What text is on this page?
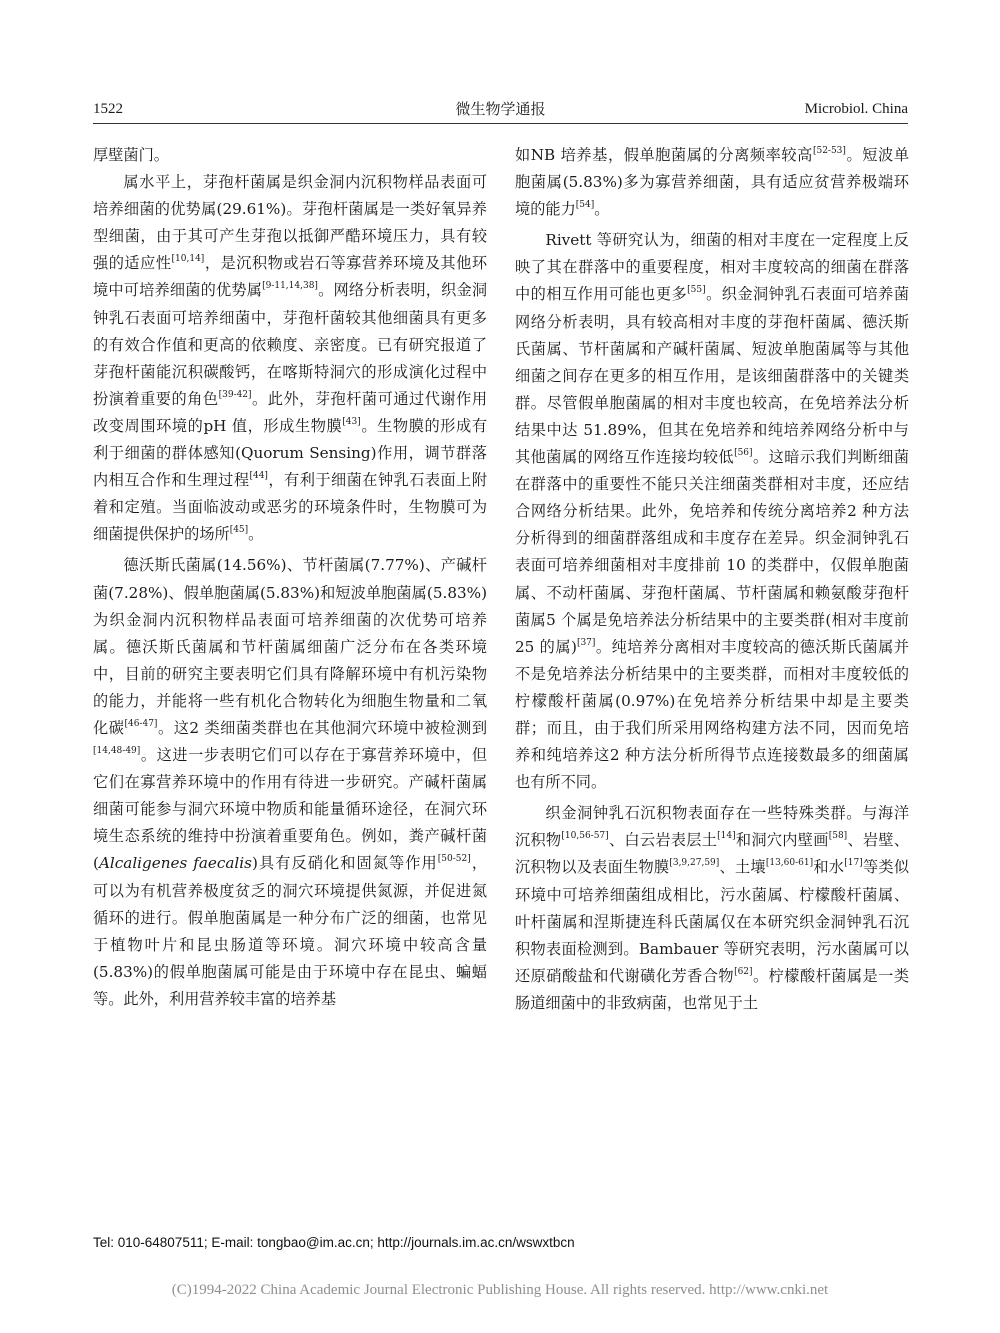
1522	微生物学通报	Microbiol. China

厚壁菌门。

属水平上，芽孢杆菌属是织金洞内沉积物样品表面可培养细菌的优势属(29.61%)。芽孢杆菌属是一类好氧异养型细菌，由于其可产生芽孢以抵御严酷环境压力，具有较强的适应性[10,14]，是沉积物或岩石等寡营养环境及其他环境中可培养细菌的优势属[9-11,14,38]。网络分析表明，织金洞钟乳石表面可培养细菌中，芽孢杆菌较其他细菌具有更多的有效合作值和更高的依赖度、亲密度。已有研究报道了芽孢杆菌能沉积碳酸钙，在喀斯特洞穴的形成演化过程中扮演着重要的角色[39-42]。此外，芽孢杆菌可通过代谢作用改变周围环境的pH 值，形成生物膜[43]。生物膜的形成有利于细菌的群体感知(Quorum Sensing)作用，调节群落内相互合作和生理过程[44]，有利于细菌在钟乳石表面上附着和定殖。当面临波动或恶劣的环境条件时，生物膜可为细菌提供保护的场所[45]。

德沃斯氏菌属(14.56%)、节杆菌属(7.77%)、产碱杆菌(7.28%)、假单胞菌属(5.83%)和短波单胞菌属(5.83%)为织金洞内沉积物样品表面可培养细菌的次优势可培养属。德沃斯氏菌属和节杆菌属细菌广泛分布在各类环境中，目前的研究主要表明它们具有降解环境中有机污染物的能力，并能将一些有机化合物转化为细胞生物量和二氧化碳[46-47]。这2 类细菌类群也在其他洞穴环境中被检测到[14,48-49]。这进一步表明它们可以存在于寡营养环境中，但它们在寡营养环境中的作用有待进一步研究。产碱杆菌属细菌可能参与洞穴环境中物质和能量循环途径，在洞穴环境生态系统的维持中扮演着重要角色。例如，粪产碱杆菌(Alcaligenes faecalis)具有反硝化和固氮等作用[50-52]，可以为有机营养极度贫乏的洞穴环境提供氮源，并促进氮循环的进行。假单胞菌属是一种分布广泛的细菌，也常见于植物叶片和昆虫肠道等环境。洞穴环境中较高含量(5.83%)的假单胞菌属可能是由于环境中存在昆虫、蝙蝠等。此外，利用营养较丰富的培养基

如NB 培养基，假单胞菌属的分离频率较高[52-53]。短波单胞菌属(5.83%)多为寡营养细菌，具有适应贫营养极端环境的能力[54]。

Rivett 等研究认为，细菌的相对丰度在一定程度上反映了其在群落中的重要程度，相对丰度较高的细菌在群落中的相互作用可能也更多[55]。织金洞钟乳石表面可培养菌网络分析表明，具有较高相对丰度的芽孢杆菌属、德沃斯氏菌属、节杆菌属和产碱杆菌属、短波单胞菌属等与其他细菌之间存在更多的相互作用，是该细菌群落中的关键类群。尽管假单胞菌属的相对丰度也较高，在免培养法分析结果中达 51.89%，但其在免培养和纯培养网络分析中与其他菌属的网络互作连接均较低[56]。这暗示我们判断细菌在群落中的重要性不能只关注细菌类群相对丰度，还应结合网络分析结果。此外，免培养和传统分离培养2 种方法分析得到的细菌群落组成和丰度存在差异。织金洞钟乳石表面可培养细菌相对丰度排前 10 的类群中，仅假单胞菌属、不动杆菌属、芽孢杆菌属、节杆菌属和赖氨酸芽孢杆菌属5 个属是免培养法分析结果中的主要类群(相对丰度前 25 的属)[37]。纯培养分离相对丰度较高的德沃斯氏菌属并不是免培养法分析结果中的主要类群，而相对丰度较低的柠檬酸杆菌属(0.97%)在免培养分析结果中却是主要类群；而且，由于我们所采用网络构建方法不同，因而免培养和纯培养这2 种方法分析所得节点连接数最多的细菌属也有所不同。

织金洞钟乳石沉积物表面存在一些特殊类群。与海洋沉积物[10,56-57]、白云岩表层土[14]和洞穴内壁画[58]、岩壁、沉积物以及表面生物膜[3,9,27,59]、土壤[13,60-61]和水[17]等类似环境中可培养细菌组成相比，污水菌属、柠檬酸杆菌属、叶杆菌属和涅斯捷连科氏菌属仅在本研究织金洞钟乳石沉积物表面检测到。Bambauer 等研究表明，污水菌属可以还原硝酸盐和代谢磺化芳香合物[62]。柠檬酸杆菌属是一类肠道细菌中的非致病菌，也常见于土

Tel: 010-64807511; E-mail: tongbao@im.ac.cn; http://journals.im.ac.cn/wswxtbcn
(C)1994-2022 China Academic Journal Electronic Publishing House. All rights reserved. http://www.cnki.net
